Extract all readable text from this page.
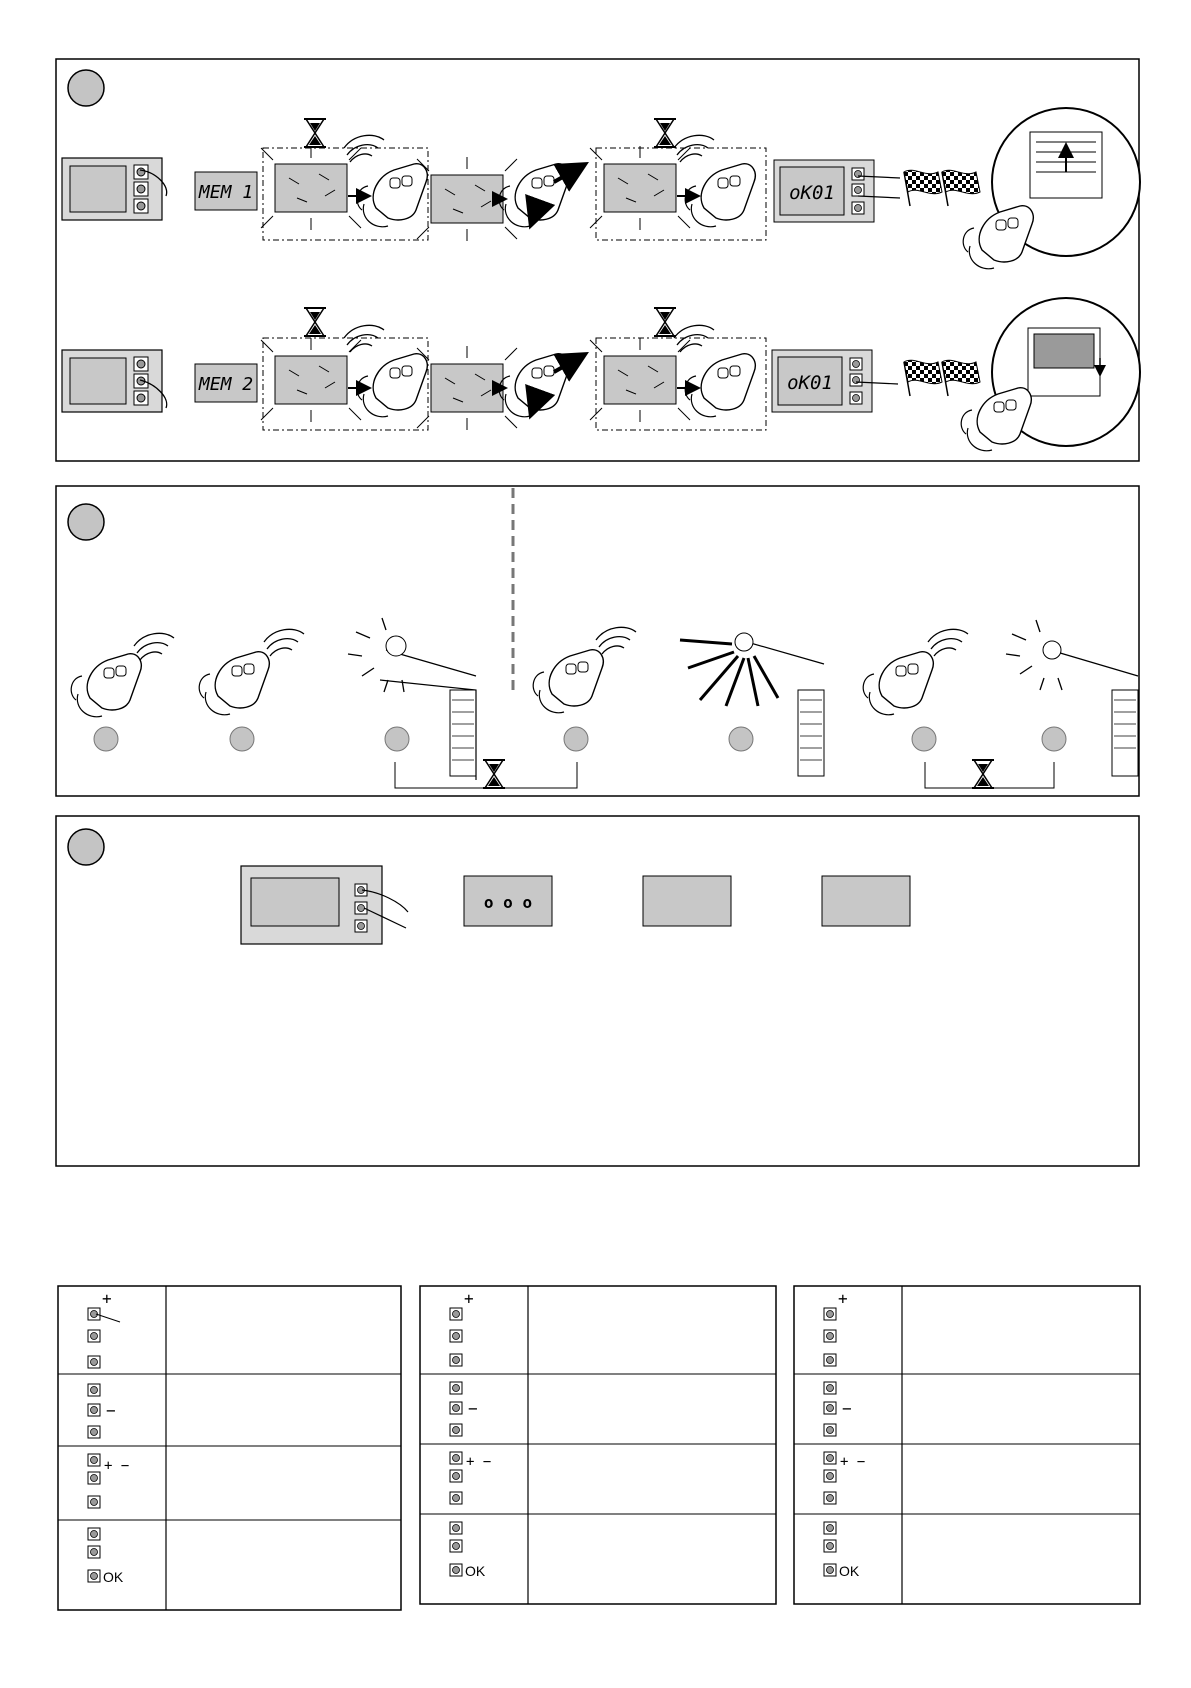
MEM 1	oK01
MEM 2	oK01
o o o
+
−
+ −
OK
+
−
+ −
OK
+
−
+ −
OK
